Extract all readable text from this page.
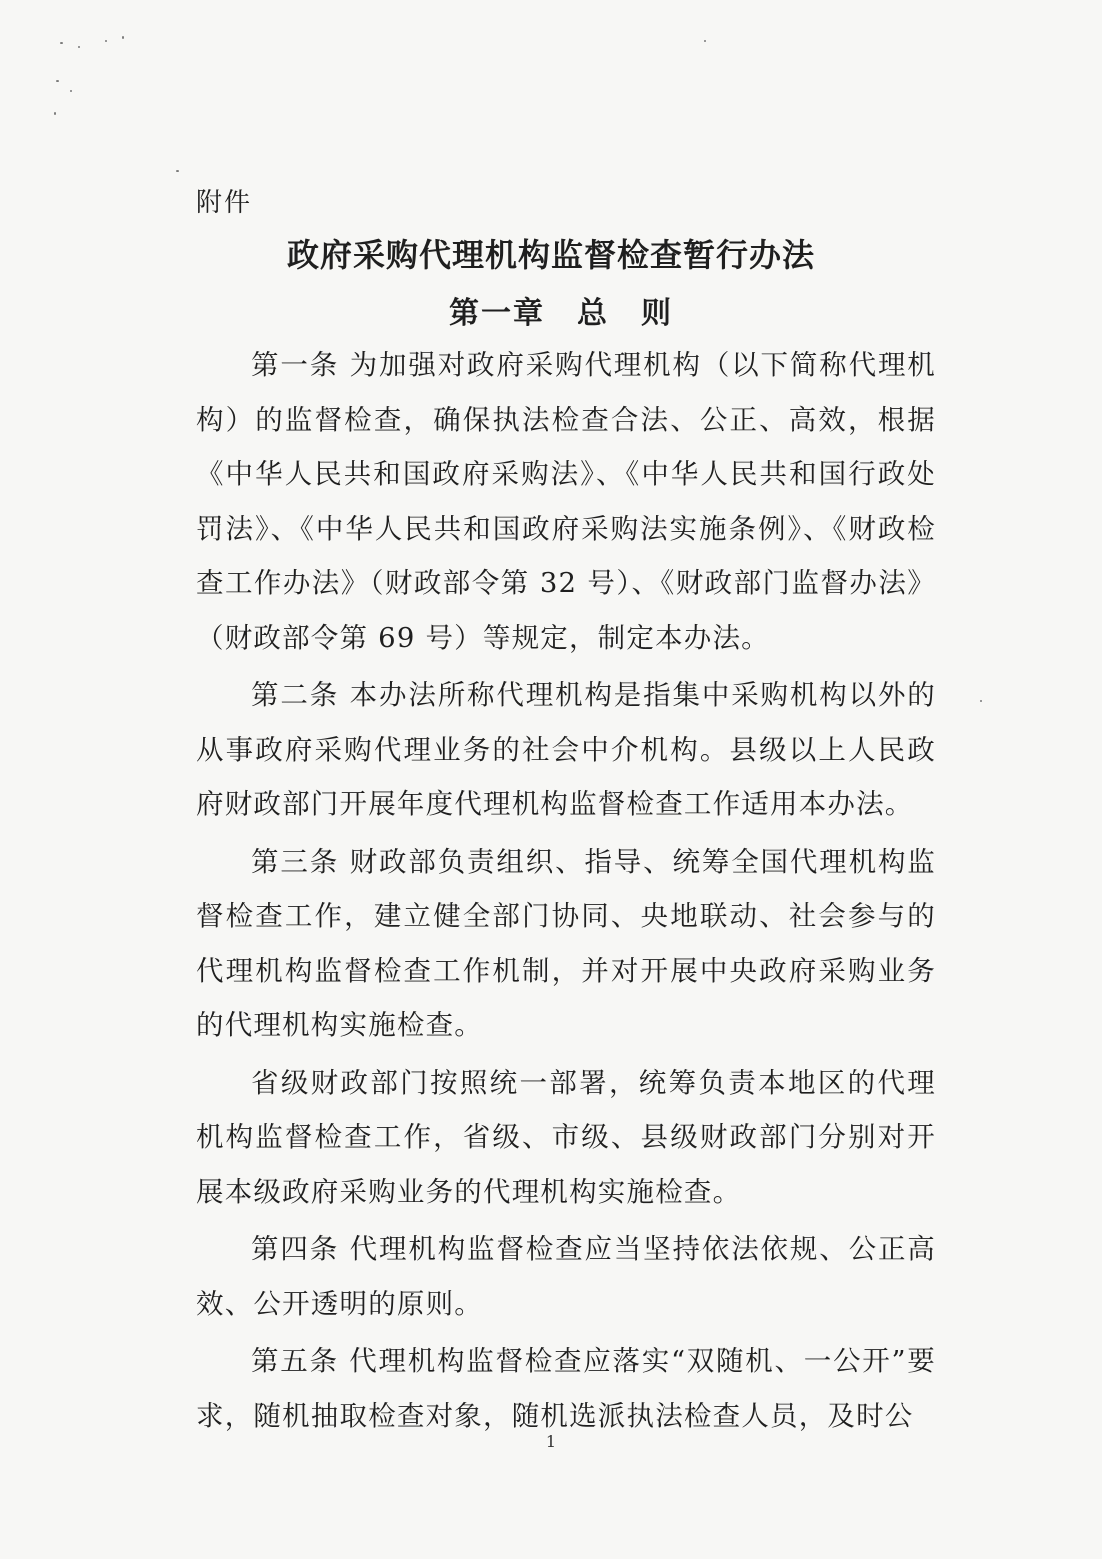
附件
政府采购代理机构监督检查暂行办法
第一章　总　则

第一条 为加强对政府采购代理机构（以下简称代理机构）的监督检查，确保执法检查合法、公正、高效，根据《中华人民共和国政府采购法》、《中华人民共和国行政处罚法》、《中华人民共和国政府采购法实施条例》、《财政检查工作办法》（财政部令第 32 号）、《财政部门监督办法》（财政部令第 69 号）等规定，制定本办法。

第二条 本办法所称代理机构是指集中采购机构以外的从事政府采购代理业务的社会中介机构。县级以上人民政府财政部门开展年度代理机构监督检查工作适用本办法。

第三条 财政部负责组织、指导、统筹全国代理机构监督检查工作，建立健全部门协同、央地联动、社会参与的代理机构监督检查工作机制，并对开展中央政府采购业务的代理机构实施检查。

省级财政部门按照统一部署，统筹负责本地区的代理机构监督检查工作，省级、市级、县级财政部门分别对开展本级政府采购业务的代理机构实施检查。

第四条 代理机构监督检查应当坚持依法依规、公正高效、公开透明的原则。

第五条 代理机构监督检查应落实“双随机、一公开”要求，随机抽取检查对象，随机选派执法检查人员，及时公

1
